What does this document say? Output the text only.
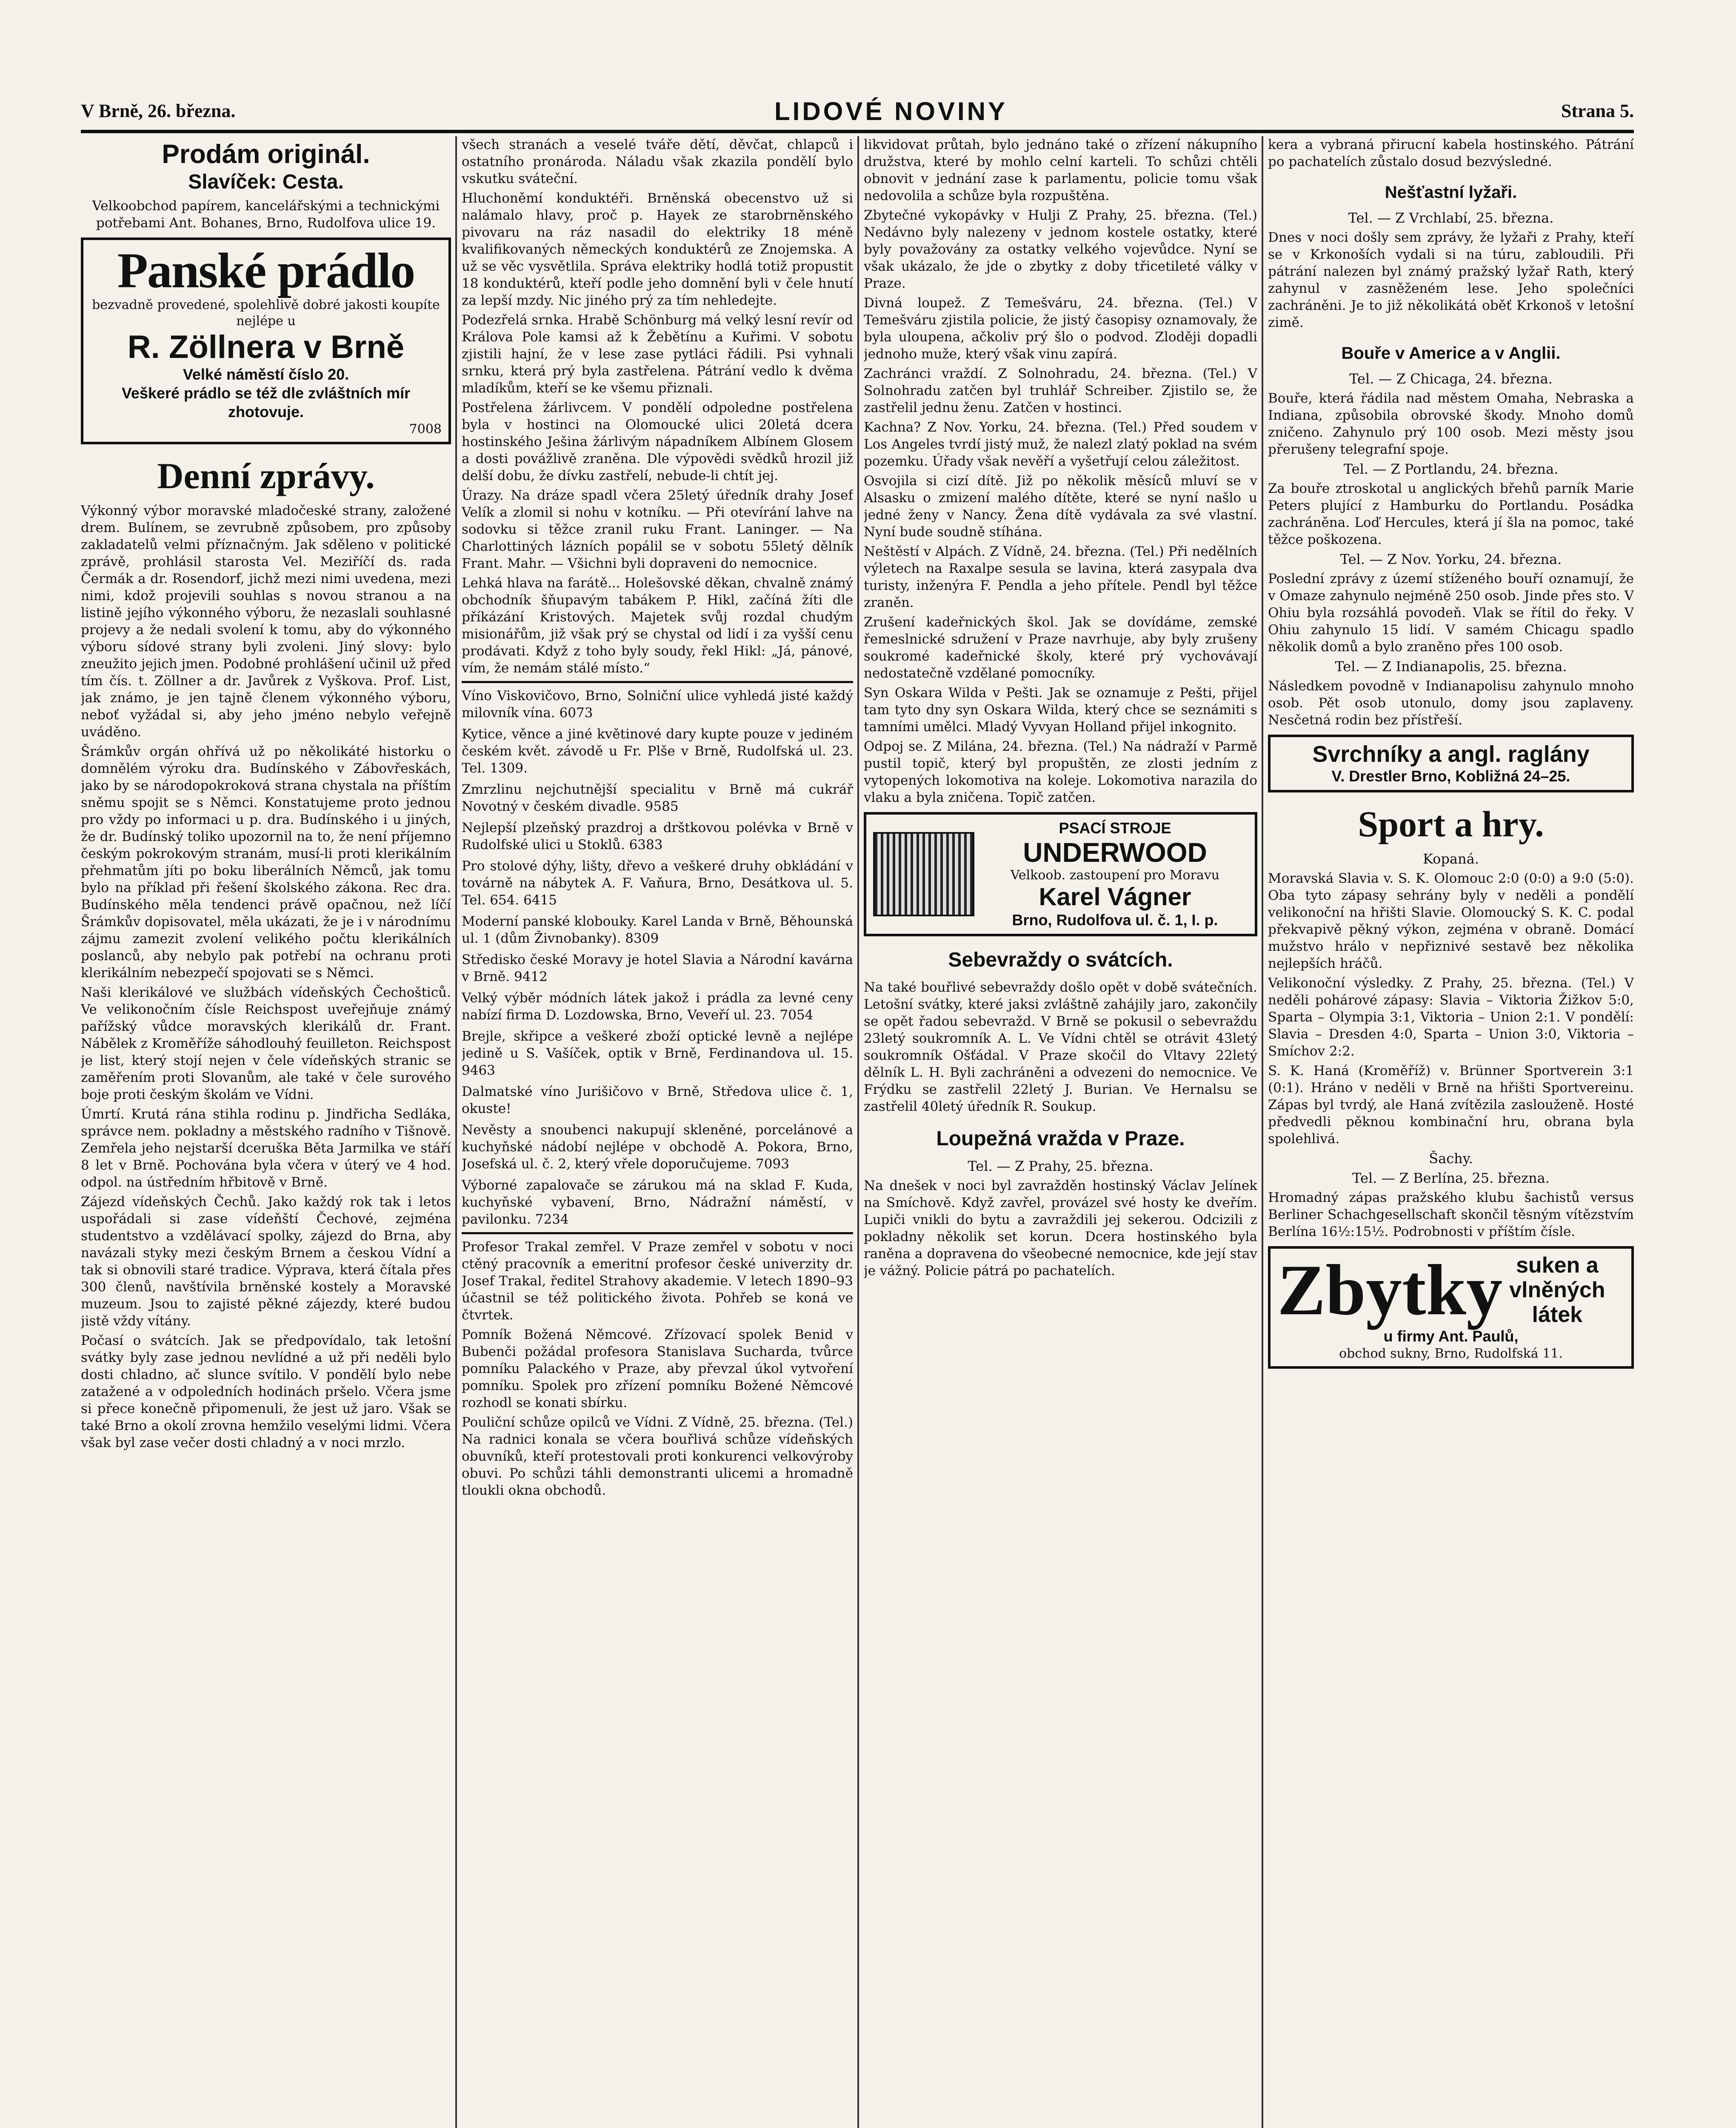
V Brně, 26. března.	LIDOVÉ NOVINY	Strana 5.
Prodám originál.
Slavíček: Cesta.

Velkoobchod papírem, kancelářskými a technickými potřebami Ant. Bohanes, Brno, Rudolfova ulice 19.

Panské prádlo
bezvadně provedené, spolehlivě dobré jakosti koupíte nejlépe u
R. Zöllnera v Brně
Velké náměstí číslo 20.
Veškeré prádlo se též dle zvláštních mír zhotovuje.
7008
Denní zprávy.

Výkonný výbor moravské mladočeské strany, založené drem. Bulínem, se zevrubně způsobem, pro způsoby zakladatelů velmi příznačným. Jak sděleno v politické zprávě, prohlásil starosta Vel. Meziříčí ds. rada Čermák a dr. Rosendorf, jichž mezi nimi uvedena, mezi nimi, kdož projevili souhlas s novou stranou a na listině jejího výkonného výboru, že nezaslali souhlasné projevy a že nedali svolení k tomu, aby do výkonného výboru sídové strany byli zvoleni. Jiný slovy: bylo zneužito jejich jmen. Podobné prohlášení učinil už před tím čís. t. Zöllner a dr. Javůrek z Vyškova. Prof. List, jak známo, je jen tajně členem výkonného výboru, neboť vyžádal si, aby jeho jméno nebylo veřejně uváděno.

Šrámkův orgán ohřívá už po několikáté historku o domnělém výroku dra. Budínského v Zábovřeskách, jako by se národopokroková strana chystala na příštím sněmu spojit se s Němci. Konstatujeme proto jednou pro vždy po informaci u p. dra. Budínského i u jiných, že dr. Budínský toliko upozornil na to, že není příjemno českým pokrokovým stranám, musí-li proti klerikálním přehmatům jíti po boku liberálních Němců, jak tomu bylo na příklad při řešení školského zákona. Rec dra. Budínského měla tendenci právě opačnou, než líčí Šrámkův dopisovatel, měla ukázati, že je i v národnímu zájmu zamezit zvolení velikého počtu klerikálních poslanců, aby nebylo pak potřebí na ochranu proti klerikálním nebezpečí spojovati se s Němci.

Naši klerikálové ve službách vídeňských Čechošticů. Ve velikonočním čísle Reichspost uveřejňuje známý pařížský vůdce moravských klerikálů dr. Frant. Nábělek z Kroměříže sáhodlouhý feuilleton. Reichspost je list, který stojí nejen v čele vídeňských stranic se zaměřením proti Slovanům, ale také v čele surového boje proti českým školám ve Vídni.

Úmrtí. Krutá rána stihla rodinu p. Jindřicha Sedláka, správce nem. pokladny a městského radního v Tišnově. Zemřela jeho nejstarší dceruška Běta Jarmilka ve stáří 8 let v Brně. Pochována byla včera v úterý ve 4 hod. odpol. na ústředním hřbitově v Brně.

Zájezd vídeňských Čechů. Jako každý rok tak i letos uspořádali si zase vídeňští Čechové, zejména studentstvo a vzdělávací spolky, zájezd do Brna, aby navázali styky mezi českým Brnem a českou Vídní a tak si obnovili staré tradice. Výprava, která čítala přes 300 členů, navštívila brněnské kostely a Moravské muzeum. Jsou to zajisté pěkné zájezdy, které budou jistě vždy vítány.

Počasí o svátcích. Jak se předpovídalo, tak letošní svátky byly zase jednou nevlídné a už při neděli bylo dosti chladno, ač slunce svítilo. V pondělí bylo nebe zatažené a v odpoledních hodinách pršelo. Včera jsme si přece konečně připomenuli, že jest už jaro. Však se také Brno a okolí zrovna hemžilo veselými lidmi. Včera však byl zase večer dosti chladný a v noci mrzlo.

všech stranách a veselé tváře dětí, děvčat, chlapců i ostatního pronároda. Náladu však zkazila pondělí bylo vskutku sváteční.

Hluchoněmí konduktéři. Brněnská obecenstvo už si nalámalo hlavy, proč p. Hayek ze starobrněnského pivovaru na ráz nasadil do elektriky 18 méně kvalifikovaných německých konduktérů ze Znojemska. A už se věc vysvětlila. Správa elektriky hodlá totiž propustit 18 konduktérů, kteří podle jeho domnění byli v čele hnutí za lepší mzdy. Nic jiného prý za tím nehledejte.

Podezřelá srnka. Hrabě Schönburg má velký lesní revír od Králova Pole kamsi až k Žebětínu a Kuřimi. V sobotu zjistili hajní, že v lese zase pytláci řádili. Psi vyhnali srnku, která prý byla zastřelena. Pátrání vedlo k dvěma mladíkům, kteří se ke všemu přiznali.

Postřelena žárlivcem. V pondělí odpoledne postřelena byla v hostinci na Olomoucké ulici 20letá dcera hostinského Ješina žárlivým nápadníkem Albínem Glosem a dosti povážlivě zraněna. Dle výpovědi svědků hrozil již delší dobu, že dívku zastřelí, nebude-li chtít jej.

Úrazy. Na dráze spadl včera 25letý úředník drahy Josef Velík a zlomil si nohu v kotníku. — Při otevírání lahve na sodovku si těžce zranil ruku Frant. Laninger. — Na Charlottiných lázních popálil se v sobotu 55letý dělník Frant. Mahr. — Všichni byli dopraveni do nemocnice.

Lehká hlava na farátě... Holešovské děkan, chvalně známý obchodník šňupavým tabákem P. Hikl, začíná žíti dle příkázání Kristových. Majetek svůj rozdal chudým misionářům, již však prý se chystal od lidí i za vyšší cenu prodávati. Když z toho byly soudy, řekl Hikl: „Já, pánové, vím, že nemám stálé místo.“

Víno Viskovičovo, Brno, Solniční ulice vyhledá jisté každý milovník vína. 6073

Kytice, věnce a jiné květinové dary kupte pouze v jediném českém květ. závodě u Fr. Plše v Brně, Rudolfská ul. 23. Tel. 1309.

Zmrzlinu nejchutnější specialitu v Brně má cukrář Novotný v českém divadle. 9585

Nejlepší plzeňský prazdroj a drštkovou polévka v Brně v Rudolfské ulici u Stoklů. 6383

Pro stolové dýhy, lišty, dřevo a veškeré druhy obkládání v továrně na nábytek A. F. Vaňura, Brno, Desátkova ul. 5. Tel. 654. 6415

Moderní panské klobouky. Karel Landa v Brně, Běhounská ul. 1 (dům Živnobanky). 8309

Středisko české Moravy je hotel Slavia a Národní kavárna v Brně. 9412

Velký výběr módních látek jakož i prádla za levné ceny nabízí firma D. Lozdowska, Brno, Veveří ul. 23. 7054

Brejle, skřipce a veškeré zboží optické levně a nejlépe jedině u S. Vašíček, optik v Brně, Ferdinandova ul. 15. 9463

Dalmatské víno Jurišičovo v Brně, Středova ulice č. 1, okuste!

Nevěsty a snoubenci nakupují skleněné, porcelánové a kuchyňské nádobí nejlépe v obchodě A. Pokora, Brno, Josefská ul. č. 2, který vřele doporučujeme. 7093

Výborné zapalovače se zárukou má na sklad F. Kuda, kuchyňské vybavení, Brno, Nádražní náměstí, v pavilonku. 7234

Profesor Trakal zemřel. V Praze zemřel v sobotu v noci ctěný pracovník a emeritní profesor české univerzity dr. Josef Trakal, ředitel Strahovy akademie. V letech 1890–93 účastnil se též politického života. Pohřeb se koná ve čtvrtek.

Pomník Božená Němcové. Zřízovací spolek Benid v Bubenči požádal profesora Stanislava Sucharda, tvůrce pomníku Palackého v Praze, aby převzal úkol vytvoření pomníku. Spolek pro zřízení pomníku Božené Němcové rozhodl se konati sbírku.

Pouliční schůze opilců ve Vídni. Z Vídně, 25. března. (Tel.) Na radnici konala se včera bouřlivá schůze vídeňských obuvníků, kteří protestovali proti konkurenci velkovýroby obuvi. Po schůzi táhli demonstranti ulicemi a hromadně tloukli okna obchodů.

likvidovat průtah, bylo jednáno také o zřízení nákupního družstva, které by mohlo celní karteli. To schůzi chtěli obnovit v jednání zase k parlamentu, policie tomu však nedovolila a schůze byla rozpuštěna.

Zbytečné vykopávky v Hulji Z Prahy, 25. března. (Tel.) Nedávno byly nalezeny v jednom kostele ostatky, které byly považovány za ostatky velkého vojevůdce. Nyní se však ukázalo, že jde o zbytky z doby třicetileté války v Praze.

Divná loupež. Z Temešváru, 24. března. (Tel.) V Temešváru zjistila policie, že jistý časopisy oznamovaly, že byla uloupena, ačkoliv prý šlo o podvod. Zloději dopadli jednoho muže, který však vinu zapírá.

Zachránci vraždí. Z Solnohradu, 24. března. (Tel.) V Solnohradu zatčen byl truhlář Schreiber. Zjistilo se, že zastřelil jednu ženu. Zatčen v hostinci.

Kachna? Z Nov. Yorku, 24. března. (Tel.) Před soudem v Los Angeles tvrdí jistý muž, že nalezl zlatý poklad na svém pozemku. Úřady však nevěří a vyšetřují celou záležitost.

Osvojila si cizí dítě. Již po několik měsíců mluví se v Alsasku o zmizení malého dítěte, které se nyní našlo u jedné ženy v Nancy. Žena dítě vydávala za své vlastní. Nyní bude soudně stíhána.

Neštěstí v Alpách. Z Vídně, 24. března. (Tel.) Při nedělních výletech na Raxalpe sesula se lavina, která zasypala dva turisty, inženýra F. Pendla a jeho přítele. Pendl byl těžce zraněn.

Zrušení kadeřnických škol. Jak se dovídáme, zemské řemeslnické sdružení v Praze navrhuje, aby byly zrušeny soukromé kadeřnické školy, které prý vychovávají nedostatečně vzdělané pomocníky.

Syn Oskara Wilda v Pešti. Jak se oznamuje z Pešti, přijel tam tyto dny syn Oskara Wilda, který chce se seznámiti s tamními umělci. Mladý Vyvyan Holland přijel inkognito.

Odpoj se. Z Milána, 24. března. (Tel.) Na nádraží v Parmě pustil topič, který byl propuštěn, ze zlosti jedním z vytopených lokomotiva na koleje. Lokomotiva narazila do vlaku a byla zničena. Topič zatčen.

PSACÍ STROJE
UNDERWOOD
Velkoob. zastoupení pro Moravu
Karel Vágner
Brno, Rudolfova ul. č. 1, I. p.
Sebevraždy o svátcích.

Na také bouřlivé sebevraždy došlo opět v době svátečních. Letošní svátky, které jaksi zvláštně zahájily jaro, zakončily se opět řadou sebevražd. V Brně se pokusil o sebevraždu 23letý soukromník A. L. Ve Vídni chtěl se otrávit 43letý soukromník Ošťádal. V Praze skočil do Vltavy 22letý dělník L. H. Byli zachráněni a odvezeni do nemocnice. Ve Frýdku se zastřelil 22letý J. Burian. Ve Hernalsu se zastřelil 40letý úředník R. Soukup.

Loupežná vražda v Praze.
Tel. — Z Prahy, 25. března.

Na dnešek v noci byl zavražděn hostinský Václav Jelínek na Smíchově. Když zavřel, provázel své hosty ke dveřím. Lupiči vnikli do bytu a zavraždili jej sekerou. Odcizili z pokladny několik set korun. Dcera hostinského byla raněna a dopravena do všeobecné nemocnice, kde její stav je vážný. Policie pátrá po pachatelích.

kera a vybraná přirucní kabela hostinského. Pátrání po pachatelích zůstalo dosud bezvýsledné.

Nešťastní lyžaři.
Tel. — Z Vrchlabí, 25. března.

Dnes v noci došly sem zprávy, že lyžaři z Prahy, kteří se v Krkonoších vydali si na túru, zabloudili. Při pátrání nalezen byl známý pražský lyžař Rath, který zahynul v zasněženém lese. Jeho společníci zachráněni. Je to již několikátá oběť Krkonoš v letošní zimě.

Bouře v Americe a v Anglii.
Tel. — Z Chicaga, 24. března.

Bouře, která řádila nad městem Omaha, Nebraska a Indiana, způsobila obrovské škody. Mnoho domů zničeno. Zahynulo prý 100 osob. Mezi městy jsou přerušeny telegrafní spoje.

Tel. — Z Portlandu, 24. března.

Za bouře ztroskotal u anglických břehů parník Marie Peters plující z Hamburku do Portlandu. Posádka zachráněna. Loď Hercules, která jí šla na pomoc, také těžce poškozena.

Tel. — Z Nov. Yorku, 24. března.

Poslední zprávy z území stíženého bouří oznamují, že v Omaze zahynulo nejméně 250 osob. Jinde přes sto. V Ohiu byla rozsáhlá povodeň. Vlak se řítil do řeky. V Ohiu zahynulo 15 lidí. V samém Chicagu spadlo několik domů a bylo zraněno přes 100 osob.

Tel. — Z Indianapolis, 25. března.

Následkem povodně v Indianapolisu zahynulo mnoho osob. Pět osob utonulo, domy jsou zaplaveny. Nesčetná rodin bez přístřeší.

Svrchníky a angl. raglány
V. Drestler Brno, Kobližná 24–25.
Sport a hry.
Kopaná.

Moravská Slavia v. S. K. Olomouc 2:0 (0:0) a 9:0 (5:0). Oba tyto zápasy sehrány byly v neděli a pondělí velikonoční na hřišti Slavie. Olomoucký S. K. C. podal překvapivě pěkný výkon, zejména v obraně. Domácí mužstvo hrálo v nepřiznivé sestavě bez několika nejlepších hráčů.

Velikonoční výsledky. Z Prahy, 25. března. (Tel.) V neděli pohárové zápasy: Slavia – Viktoria Žižkov 5:0, Sparta – Olympia 3:1, Viktoria – Union 2:1. V pondělí: Slavia – Dresden 4:0, Sparta – Union 3:0, Viktoria – Smíchov 2:2.

S. K. Haná (Kroměříž) v. Brünner Sportverein 3:1 (0:1). Hráno v neděli v Brně na hřišti Sportvereinu. Zápas byl tvrdý, ale Haná zvítězila zaslouženě. Hosté předvedli pěknou kombinační hru, obrana byla spolehlivá.

Šachy.
Tel. — Z Berlína, 25. března.

Hromadný zápas pražského klubu šachistů versus Berliner Schachgesellschaft skončil těsným vítězstvím Berlína 16½:15½. Podrobnosti v příštím čísle.

Zbytky suken a
vlněných
látek
u firmy Ant. Paulů,
obchod sukny, Brno, Rudolfská 11.
